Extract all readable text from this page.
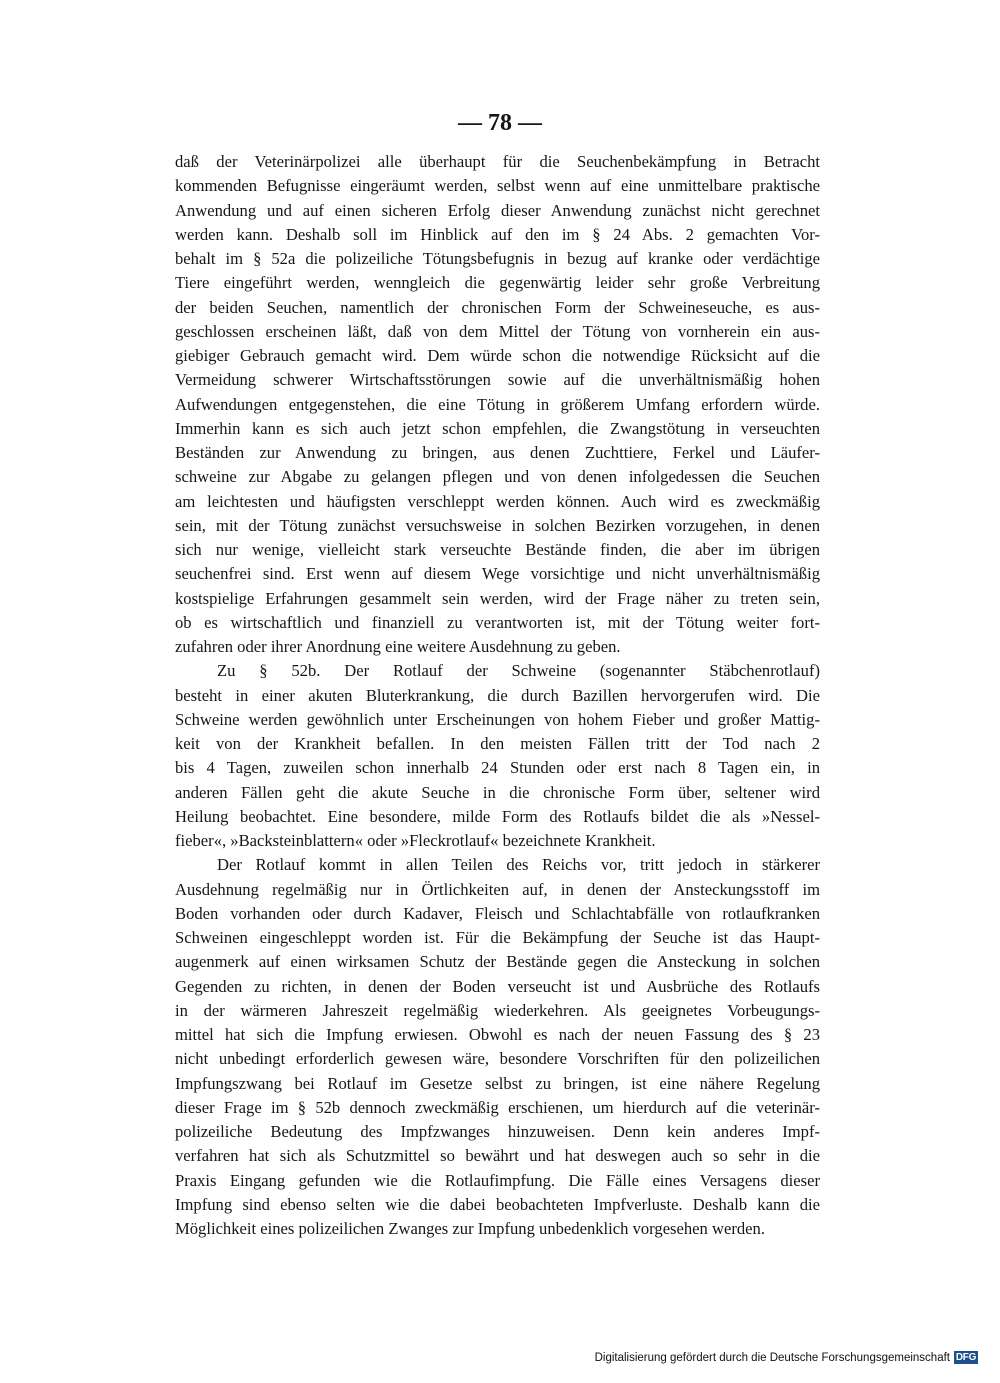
— 78 —
daß der Veterinärpolizei alle überhaupt für die Seuchenbekämpfung in Betracht
kommenden Befugnisse eingeräumt werden, selbst wenn auf eine unmittelbare praktische
Anwendung und auf einen sicheren Erfolg dieser Anwendung zunächst nicht gerechnet
werden kann. Deshalb soll im Hinblick auf den im § 24 Abs. 2 gemachten Vor-
behalt im § 52a die polizeiliche Tötungsbefugnis in bezug auf kranke oder verdächtige
Tiere eingeführt werden, wenngleich die gegenwärtig leider sehr große Verbreitung
der beiden Seuchen, namentlich der chronischen Form der Schweineseuche, es aus-
geschlossen erscheinen läßt, daß von dem Mittel der Tötung von vornherein ein aus-
giebiger Gebrauch gemacht wird. Dem würde schon die notwendige Rücksicht auf die
Vermeidung schwerer Wirtschaftsstörungen sowie auf die unverhältnismäßig hohen
Aufwendungen entgegenstehen, die eine Tötung in größerem Umfang erfordern würde.
Immerhin kann es sich auch jetzt schon empfehlen, die Zwangstötung in verseuchten
Beständen zur Anwendung zu bringen, aus denen Zuchttiere, Ferkel und Läufer-
schweine zur Abgabe zu gelangen pflegen und von denen infolgedessen die Seuchen
am leichtesten und häufigsten verschleppt werden können. Auch wird es zweckmäßig
sein, mit der Tötung zunächst versuchsweise in solchen Bezirken vorzugehen, in denen
sich nur wenige, vielleicht stark verseuchte Bestände finden, die aber im übrigen
seuchenfrei sind. Erst wenn auf diesem Wege vorsichtige und nicht unverhältnismäßig
kostspielige Erfahrungen gesammelt sein werden, wird der Frage näher zu treten sein,
ob es wirtschaftlich und finanziell zu verantworten ist, mit der Tötung weiter fort-
zufahren oder ihrer Anordnung eine weitere Ausdehnung zu geben.
Zu § 52b. Der Rotlauf der Schweine (sogenannter Stäbchenrotlauf)
besteht in einer akuten Bluterkrankung, die durch Bazillen hervorgerufen wird. Die
Schweine werden gewöhnlich unter Erscheinungen von hohem Fieber und großer Mattig-
keit von der Krankheit befallen. In den meisten Fällen tritt der Tod nach 2
bis 4 Tagen, zuweilen schon innerhalb 24 Stunden oder erst nach 8 Tagen ein, in
anderen Fällen geht die akute Seuche in die chronische Form über, seltener wird
Heilung beobachtet. Eine besondere, milde Form des Rotlaufs bildet die als »Nessel-
fieber«, »Backsteinblattern« oder »Fleckrotlauf« bezeichnete Krankheit.
Der Rotlauf kommt in allen Teilen des Reichs vor, tritt jedoch in stärkerer
Ausdehnung regelmäßig nur in Örtlichkeiten auf, in denen der Ansteckungsstoff im
Boden vorhanden oder durch Kadaver, Fleisch und Schlachtabfälle von rotlaufkranken
Schweinen eingeschleppt worden ist. Für die Bekämpfung der Seuche ist das Haupt-
augenmerk auf einen wirksamen Schutz der Bestände gegen die Ansteckung in solchen
Gegenden zu richten, in denen der Boden verseucht ist und Ausbrüche des Rotlaufs
in der wärmeren Jahreszeit regelmäßig wiederkehren. Als geeignetes Vorbeugungs-
mittel hat sich die Impfung erwiesen. Obwohl es nach der neuen Fassung des § 23
nicht unbedingt erforderlich gewesen wäre, besondere Vorschriften für den polizeilichen
Impfungszwang bei Rotlauf im Gesetze selbst zu bringen, ist eine nähere Regelung
dieser Frage im § 52b dennoch zweckmäßig erschienen, um hierdurch auf die veterinär-
polizeiliche Bedeutung des Impfzwanges hinzuweisen. Denn kein anderes Impf-
verfahren hat sich als Schutzmittel so bewährt und hat deswegen auch so sehr in die
Praxis Eingang gefunden wie die Rotlaufimpfung. Die Fälle eines Versagens dieser
Impfung sind ebenso selten wie die dabei beobachteten Impfverluste. Deshalb kann die
Möglichkeit eines polizeilichen Zwanges zur Impfung unbedenklich vorgesehen werden.
Digitalisierung gefördert durch die Deutsche Forschungsgemeinschaft DFG
